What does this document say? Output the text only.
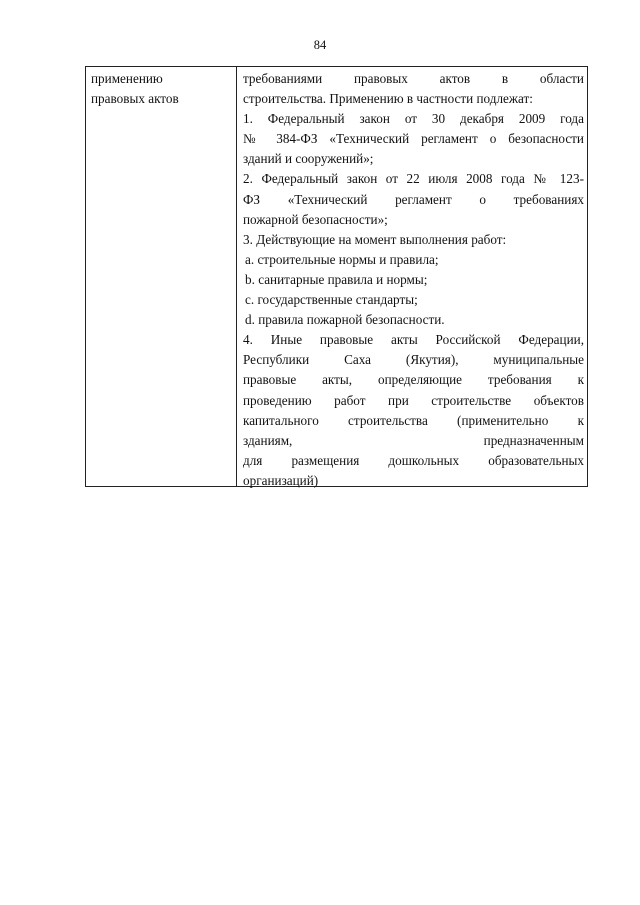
84
применению
правовых актов
требованиями правовых актов в области
строительства. Применению в частности подлежат:
1. Федеральный закон от 30 декабря 2009 года
№ 384-ФЗ «Технический регламент о безопасности
зданий и сооружений»;
2. Федеральный закон от 22 июля 2008 года № 123-
ФЗ «Технический регламент о требованиях
пожарной безопасности»;
3. Действующие на момент выполнения работ:
a. строительные нормы и правила;
b. санитарные правила и нормы;
c. государственные стандарты;
d. правила пожарной безопасности.
4. Иные правовые акты Российской Федерации,
Республики Саха (Якутия), муниципальные
правовые акты, определяющие требования к
проведению работ при строительстве объектов
капитального строительства (применительно к
зданиям, предназначенным
для размещения дошкольных образовательных
организаций)
